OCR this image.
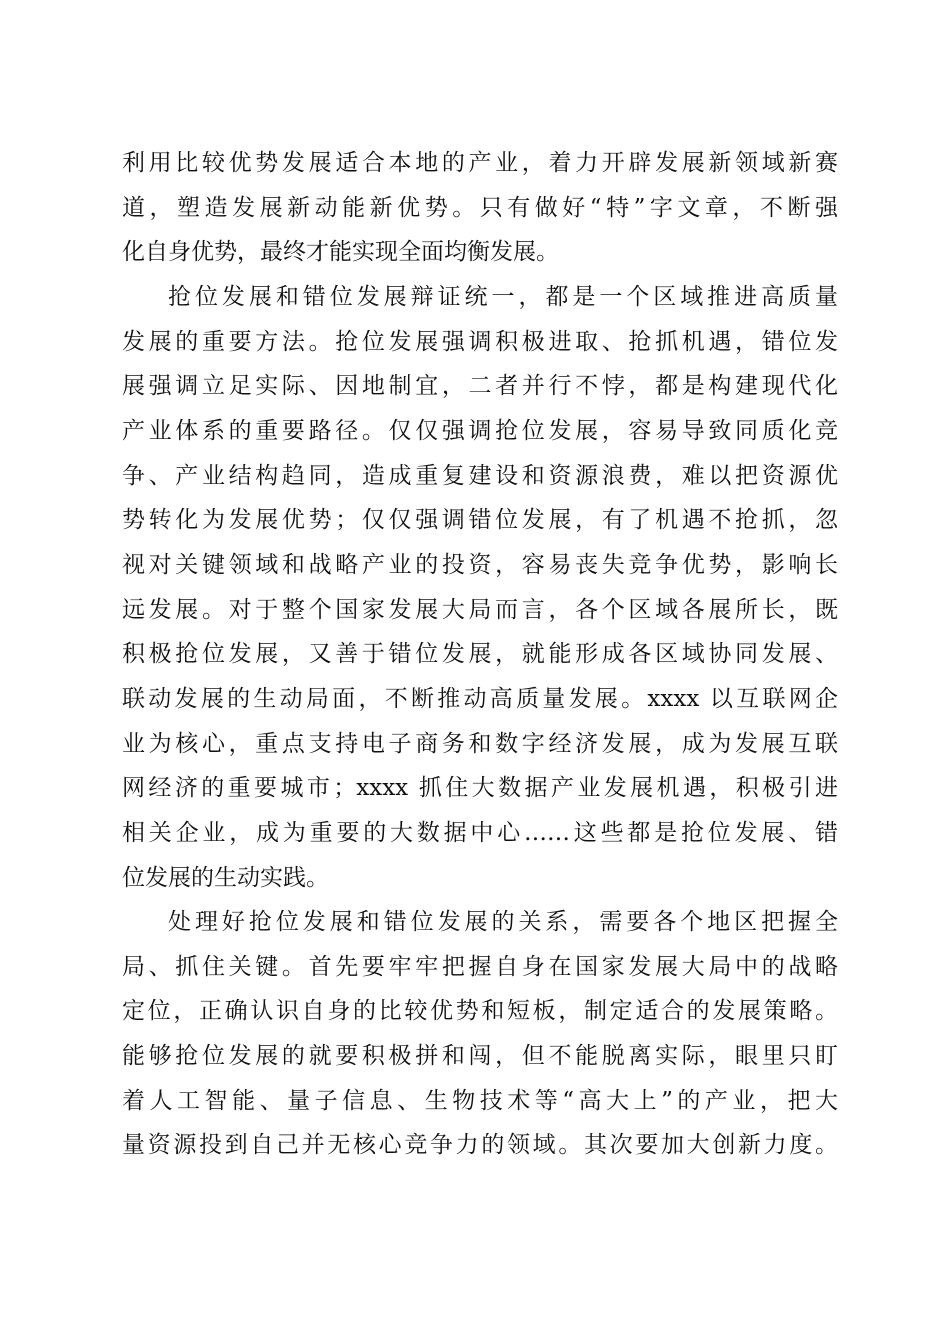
利用比较优势发展适合本地的产业，着力开辟发展新领域新赛
道，塑造发展新动能新优势。只有做好“特”字文章，不断强
化自身优势，最终才能实现全面均衡发展。
抢位发展和错位发展辩证统一，都是一个区域推进高质量
发展的重要方法。抢位发展强调积极进取、抢抓机遇，错位发
展强调立足实际、因地制宜，二者并行不悖，都是构建现代化
产业体系的重要路径。仅仅强调抢位发展，容易导致同质化竞
争、产业结构趋同，造成重复建设和资源浪费，难以把资源优
势转化为发展优势；仅仅强调错位发展，有了机遇不抢抓，忽
视对关键领域和战略产业的投资，容易丧失竞争优势，影响长
远发展。对于整个国家发展大局而言，各个区域各展所长，既
积极抢位发展，又善于错位发展，就能形成各区域协同发展、
联动发展的生动局面，不断推动高质量发展。xxxx 以互联网企
业为核心，重点支持电子商务和数字经济发展，成为发展互联
网经济的重要城市；xxxx 抓住大数据产业发展机遇，积极引进
相关企业，成为重要的大数据中心……这些都是抢位发展、错
位发展的生动实践。
处理好抢位发展和错位发展的关系，需要各个地区把握全
局、抓住关键。首先要牢牢把握自身在国家发展大局中的战略
定位，正确认识自身的比较优势和短板，制定适合的发展策略。
能够抢位发展的就要积极拼和闯，但不能脱离实际，眼里只盯
着人工智能、量子信息、生物技术等“高大上”的产业，把大
量资源投到自己并无核心竞争力的领域。其次要加大创新力度。
